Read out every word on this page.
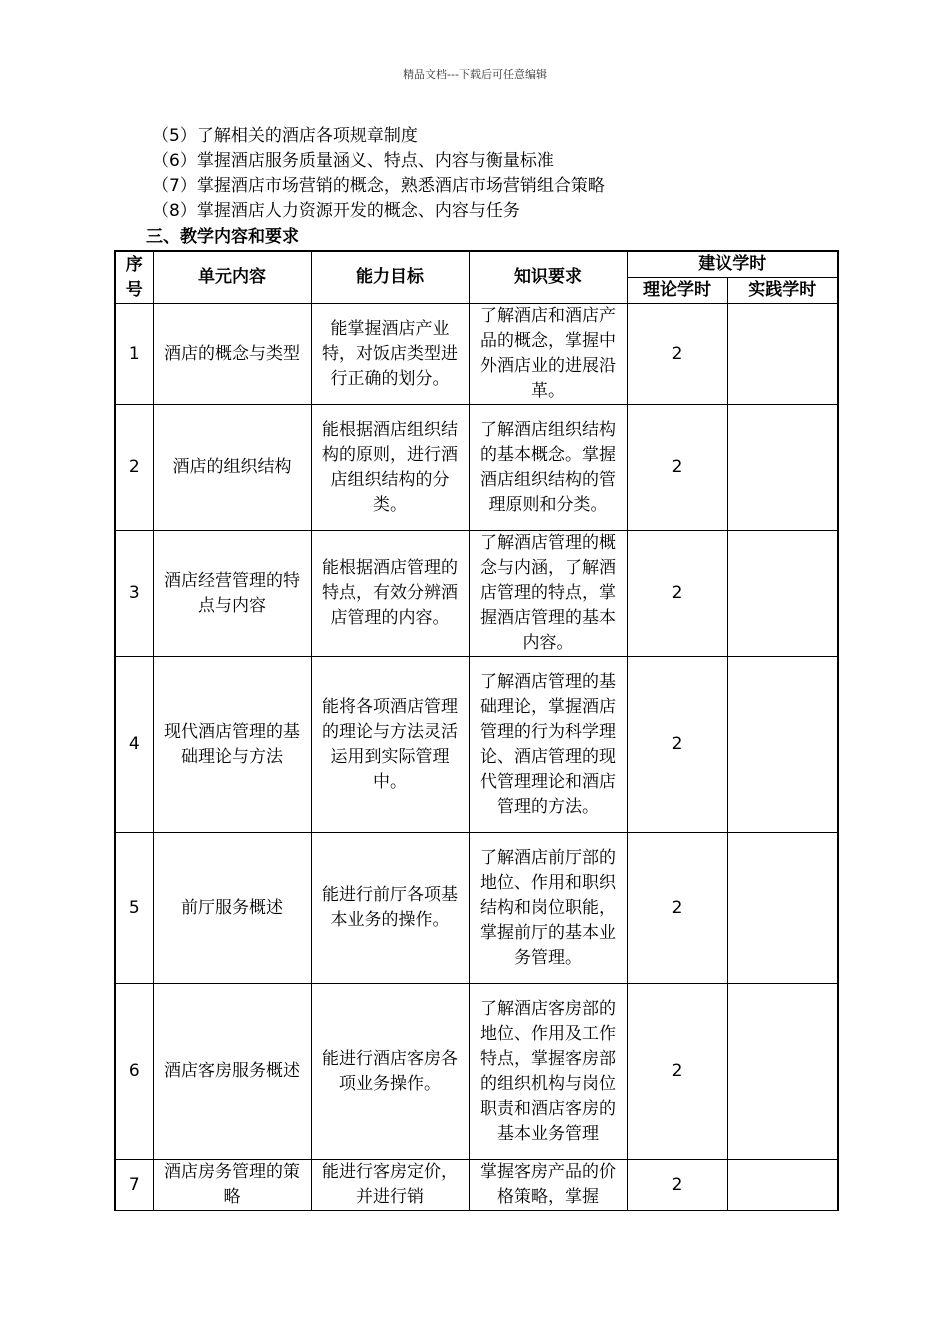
精品文档---下载后可任意编辑
（5）了解相关的酒店各项规章制度
（6）掌握酒店服务质量涵义、特点、内容与衡量标准
（7）掌握酒店市场营销的概念，熟悉酒店市场营销组合策略
（8）掌握酒店人力资源开发的概念、内容与任务
三、教学内容和要求
序号	单元内容	能力目标	知识要求	建议学时	
				理论学时	实践学时
1	酒店的概念与类型	能掌握酒店产业特，对饭店类型进行正确的划分。	了解酒店和酒店产品的概念，掌握中外酒店业的进展沿革。	2	
2	酒店的组织结构	能根据酒店组织结构的原则，进行酒店组织结构的分类。	了解酒店组织结构的基本概念。掌握酒店组织结构的管理原则和分类。	2	
3	酒店经营管理的特点与内容	能根据酒店管理的特点，有效分辨酒店管理的内容。	了解酒店管理的概念与内涵，了解酒店管理的特点，掌握酒店管理的基本内容。	2	
4	现代酒店管理的基础理论与方法	能将各项酒店管理的理论与方法灵活运用到实际管理中。	了解酒店管理的基础理论，掌握酒店管理的行为科学理论、酒店管理的现代管理理论和酒店管理的方法。	2	
5	前厅服务概述	能进行前厅各项基本业务的操作。	了解酒店前厅部的地位、作用和职织结构和岗位职能，掌握前厅的基本业务管理。	2	
6	酒店客房服务概述	能进行酒店客房各项业务操作。	了解酒店客房部的地位、作用及工作特点，掌握客房部的组织机构与岗位职责和酒店客房的基本业务管理	2	
7	酒店房务管理的策略	能进行客房定价，并进行销	掌握客房产品的价格策略，掌握	2	
